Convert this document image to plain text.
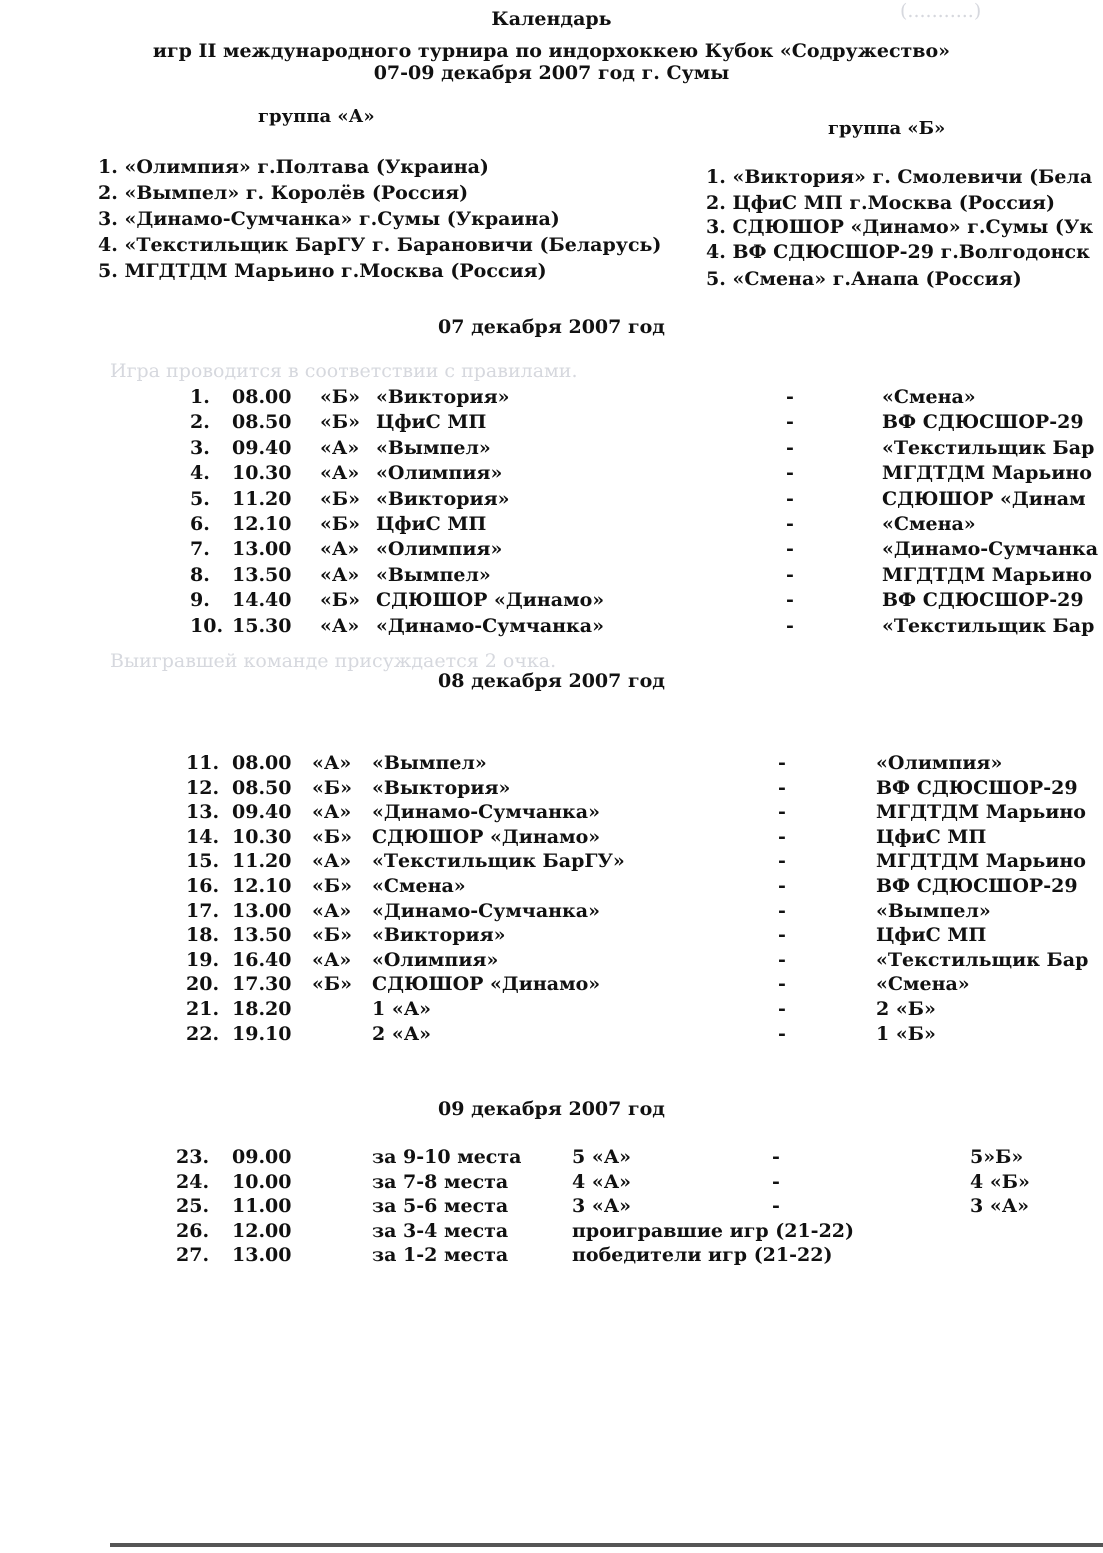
(...........)
Игра проводится в соответствии с правилами.
Выигравшей команде присуждается 2 очка.
Календарь
игр II международного турнира по индорхоккею Кубок «Содружество»
07-09 декабря 2007 год г. Сумы
группа «А»
группа «Б»
1. «Олимпия» г.Полтава (Украина)
2. «Вымпел» г. Королёв (Россия)
3. «Динамо-Сумчанка» г.Сумы (Украина)
4. «Текстильщик БарГУ г. Барановичи (Беларусь)
5. МГДТДМ Марьино г.Москва (Россия)
1. «Виктория» г. Смолевичи (Бела
2. ЦфиС МП г.Москва (Россия)
3. СДЮШОР «Динамо» г.Сумы (Ук
4. ВФ СДЮСШОР-29 г.Волгодонск
5. «Смена» г.Анапа (Россия)
07 декабря 2007 год
1. 08.00 «Б» «Виктория»	-	«Смена»
2. 08.50 «Б» ЦфиС МП	-	ВФ СДЮСШОР-29
3. 09.40 «А» «Вымпел»	-	«Текстильщик Бар
4. 10.30 «А» «Олимпия»	-	МГДТДМ Марьино
5. 11.20 «Б» «Виктория»	-	СДЮШОР «Динам
6. 12.10 «Б» ЦфиС МП	-	«Смена»
7. 13.00 «А» «Олимпия»	-	«Динамо-Сумчанка
8. 13.50 «А» «Вымпел»	-	МГДТДМ Марьино
9. 14.40 «Б» СДЮШОР «Динамо»	-	ВФ СДЮСШОР-29
10. 15.30 «А» «Динамо-Сумчанка»	-	«Текстильщик Бар
08 декабря 2007 год
11. 08.00 «А» «Вымпел»	-	«Олимпия»
12. 08.50 «Б» «Выктория»	-	ВФ СДЮСШОР-29
13. 09.40 «А» «Динамо-Сумчанка»	-	МГДТДМ Марьино
14. 10.30 «Б» СДЮШОР «Динамо»	-	ЦфиС МП
15. 11.20 «А» «Текстильщик БарГУ»	-	МГДТДМ Марьино
16. 12.10 «Б» «Смена»	-	ВФ СДЮСШОР-29
17. 13.00 «А» «Динамо-Сумчанка»	-	«Вымпел»
18. 13.50 «Б» «Виктория»	-	ЦфиС МП
19. 16.40 «А» «Олимпия»	-	«Текстильщик Бар
20. 17.30 «Б» СДЮШОР «Динамо»	-	«Смена»
21. 18.20	1 «А»	-	2 «Б»
22. 19.10	2 «А»	-	1 «Б»
09 декабря 2007 год
23. 09.00	за 9-10 места	5 «А»	-	5»Б»
24. 10.00	за 7-8 места	4 «А»	-	4 «Б»
25. 11.00	за 5-6 места	3 «А»	-	3 «А»
26. 12.00	за 3-4 места	проигравшие игр (21-22)
27. 13.00	за 1-2 места	победители игр (21-22)
